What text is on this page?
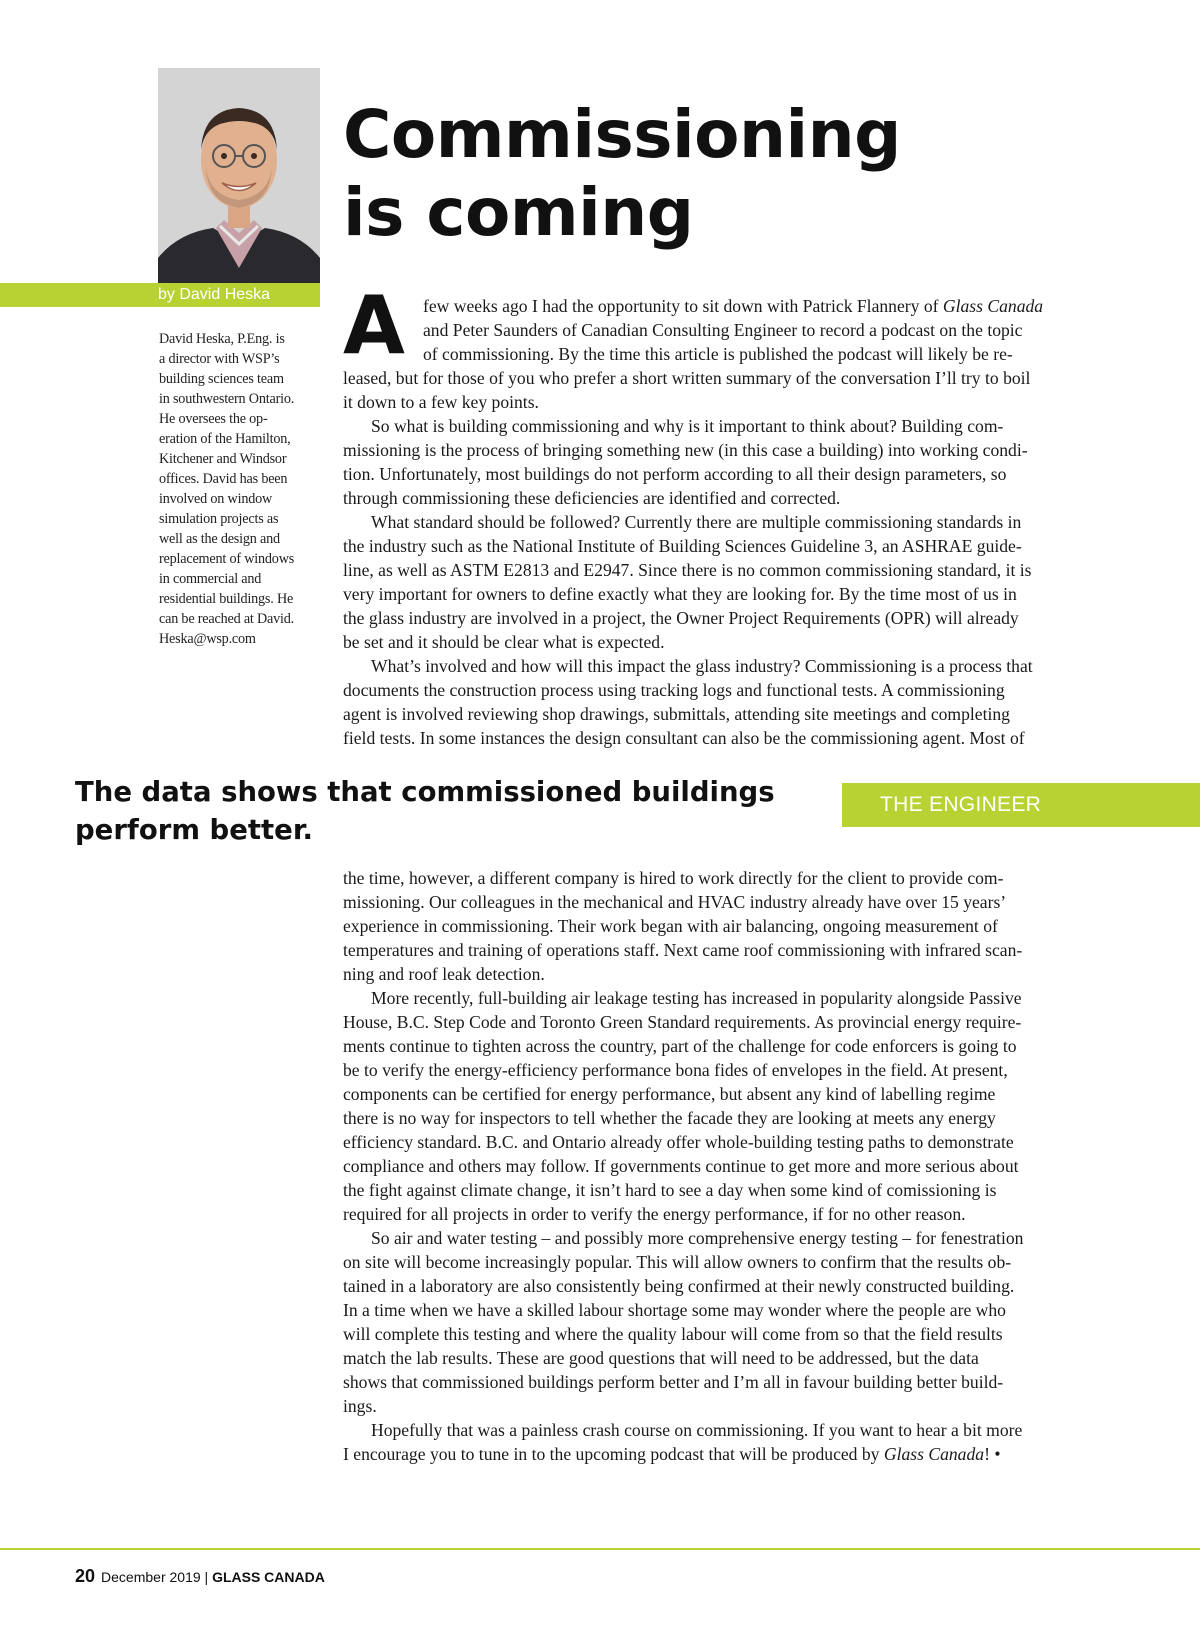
by David Heska
David Heska, P.Eng. is
a director with WSP’s
building sciences team
in southwestern Ontario.
He oversees the op-
eration of the Hamilton,
Kitchener and Windsor
offices. David has been
involved on window
simulation projects as
well as the design and
replacement of windows
in commercial and
residential buildings. He
can be reached at David.
Heska@wsp.com
Commissioning
is coming
A	few weeks ago I had the opportunity to sit down with Patrick Flannery of Glass Canada
and Peter Saunders of Canadian Consulting Engineer to record a podcast on the topic
of commissioning. By the time this article is published the podcast will likely be re-
leased, but for those of you who prefer a short written summary of the conversation I’ll try to boil
it down to a few key points.
So what is building commissioning and why is it important to think about? Building com-
missioning is the process of bringing something new (in this case a building) into working condi-
tion. Unfortunately, most buildings do not perform according to all their design parameters, so
through commissioning these deficiencies are identified and corrected.
What standard should be followed? Currently there are multiple commissioning standards in
the industry such as the National Institute of Building Sciences Guideline 3, an ASHRAE guide-
line, as well as ASTM E2813 and E2947. Since there is no common commissioning standard, it is
very important for owners to define exactly what they are looking for. By the time most of us in
the glass industry are involved in a project, the Owner Project Requirements (OPR) will already
be set and it should be clear what is expected.
What’s involved and how will this impact the glass industry? Commissioning is a process that
documents the construction process using tracking logs and functional tests. A commissioning
agent is involved reviewing shop drawings, submittals, attending site meetings and completing
field tests. In some instances the design consultant can also be the commissioning agent. Most of
The data shows that commissioned buildings
perform better.
THE ENGINEER
the time, however, a different company is hired to work directly for the client to provide com-
missioning. Our colleagues in the mechanical and HVAC industry already have over 15 years’
experience in commissioning. Their work began with air balancing, ongoing measurement of
temperatures and training of operations staff. Next came roof commissioning with infrared scan-
ning and roof leak detection.
More recently, full-building air leakage testing has increased in popularity alongside Passive
House, B.C. Step Code and Toronto Green Standard requirements. As provincial energy require-
ments continue to tighten across the country, part of the challenge for code enforcers is going to
be to verify the energy-efficiency performance bona fides of envelopes in the field. At present,
components can be certified for energy performance, but absent any kind of labelling regime
there is no way for inspectors to tell whether the facade they are looking at meets any energy
efficiency standard. B.C. and Ontario already offer whole-building testing paths to demonstrate
compliance and others may follow. If governments continue to get more and more serious about
the fight against climate change, it isn’t hard to see a day when some kind of comissioning is
required for all projects in order to verify the energy performance, if for no other reason.
So air and water testing – and possibly more comprehensive energy testing – for fenestration
on site will become increasingly popular. This will allow owners to confirm that the results ob-
tained in a laboratory are also consistently being confirmed at their newly constructed building.
In a time when we have a skilled labour shortage some may wonder where the people are who
will complete this testing and where the quality labour will come from so that the field results
match the lab results. These are good questions that will need to be addressed, but the data
shows that commissioned buildings perform better and I’m all in favour building better build-
ings.
Hopefully that was a painless crash course on commissioning. If you want to hear a bit more
I encourage you to tune in to the upcoming podcast that will be produced by Glass Canada! •
20 December 2019 | GLASS CANADA
